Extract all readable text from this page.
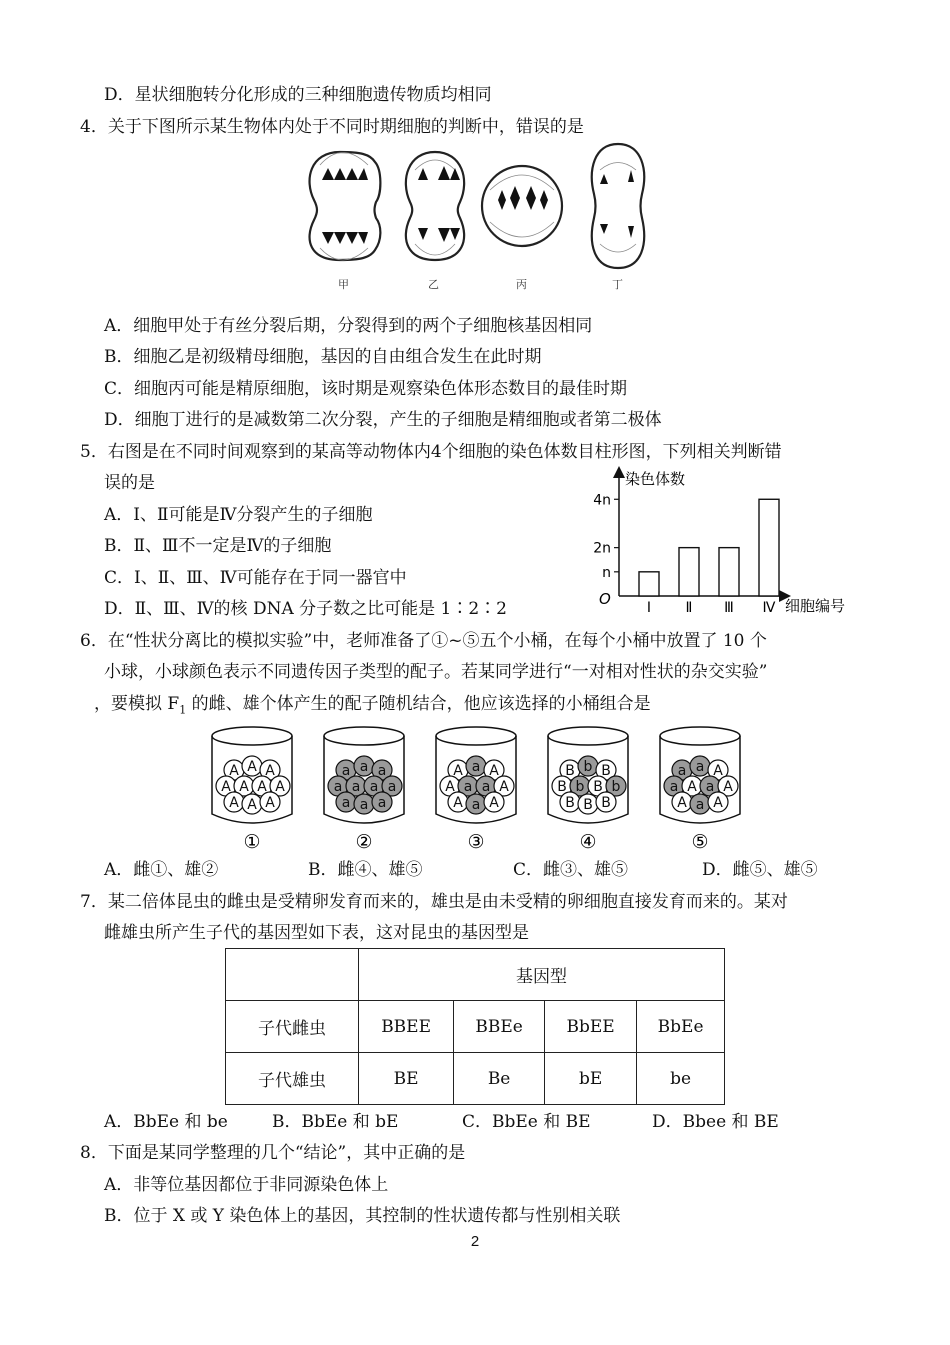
D．星状细胞转分化形成的三种细胞遗传物质均相同
4．关于下图所示某生物体内处于不同时期细胞的判断中，错误的是
甲	乙	丙	丁
A．细胞甲处于有丝分裂后期，分裂得到的两个子细胞核基因相同
B．细胞乙是初级精母细胞，基因的自由组合发生在此时期
C．细胞丙可能是精原细胞，该时期是观察染色体形态数目的最佳时期
D．细胞丁进行的是减数第二次分裂，产生的子细胞是精细胞或者第二极体
5．右图是在不同时间观察到的某高等动物体内4个细胞的染色体数目柱形图，下列相关判断错
误的是
A．Ⅰ、Ⅱ可能是Ⅳ分裂产生的子细胞
B．Ⅱ、Ⅲ不一定是Ⅳ的子细胞
C．Ⅰ、Ⅱ、Ⅲ、Ⅳ可能存在于同一器官中
D．Ⅱ、Ⅲ、Ⅳ的核 DNA 分子数之比可能是 1∶2∶2
染色体数
细胞编号
O
n
2n
4n
Ⅰ Ⅱ Ⅲ Ⅳ
6．在“性状分离比的模拟实验”中，老师准备了①~⑤五个小桶，在每个小桶中放置了 10 个
小球，小球颜色表示不同遗传因子类型的配子。若某同学进行“一对相对性状的杂交实验”
，要模拟 $F_1$ 的雌、雄个体产生的配子随机结合，他应该选择的小桶组合是
A A A
A A A A
A A A
①
a a a
a a a a
a a a
②
A a A
A a a A
A a A
③
B b B
B b B b
B B B
④
a a A
a A a A
A a A
⑤
A．雌①、雄②	B．雌④、雄⑤	C．雌③、雄⑤	D．雌⑤、雄⑤
7．某二倍体昆虫的雌虫是受精卵发育而来的，雄虫是由未受精的卵细胞直接发育而来的。某对
雌雄虫所产生子代的基因型如下表，这对昆虫的基因型是
	基因型			
子代雌虫	BBEE	BBEe	BbEE	BbEe
子代雄虫	BE	Be	bE	be
A．BbEe 和 be	B．BbEe 和 bE	C．BbEe 和 BE	D．Bbee 和 BE
8．下面是某同学整理的几个“结论”，其中正确的是
A．非等位基因都位于非同源染色体上
B．位于 X 或 Y 染色体上的基因，其控制的性状遗传都与性别相关联
2
